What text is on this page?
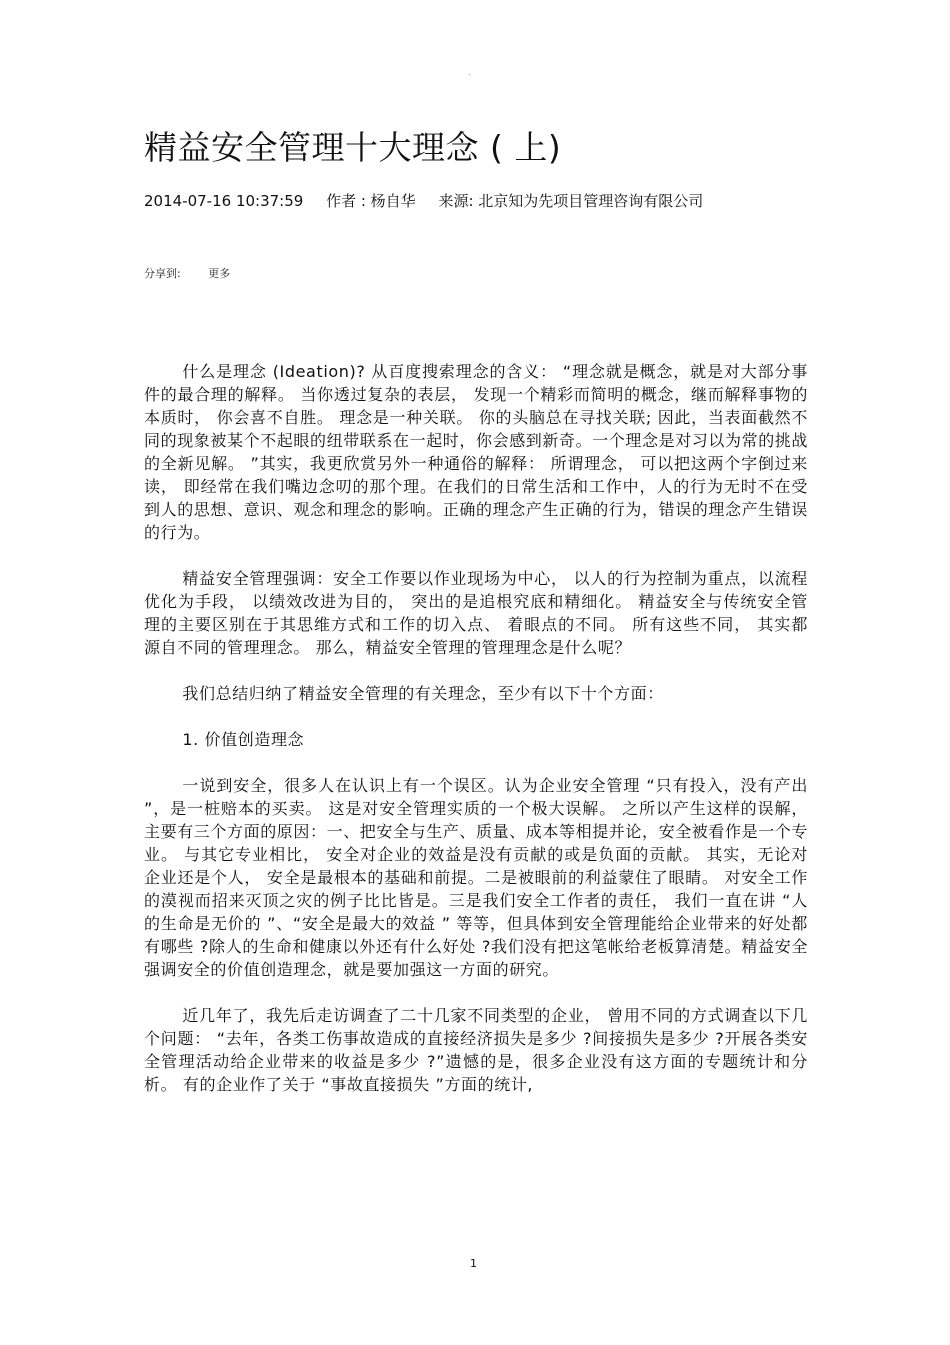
-
精益安全管理十大理念 ( 上)
2014-07-16 10:37:59 作者 : 杨自华 来源: 北京知为先项目管理咨询有限公司
分享到:	更多

什么是理念 (Ideation)? 从百度搜索理念的含义： “理念就是概念，就是对大部分事件的最合理的解释。 当你透过复杂的表层， 发现一个精彩而简明的概念，继而解释事物的本质时， 你会喜不自胜。 理念是一种关联。 你的头脑总在寻找关联; 因此，当表面截然不同的现象被某个不起眼的纽带联系在一起时，你会感到新奇。一个理念是对习以为常的挑战的全新见解。 ”其实，我更欣赏另外一种通俗的解释： 所谓理念， 可以把这两个字倒过来读， 即经常在我们嘴边念叨的那个理。在我们的日常生活和工作中，人的行为无时不在受到人的思想、意识、观念和理念的影响。正确的理念产生正确的行为，错误的理念产生错误的行为。

精益安全管理强调：安全工作要以作业现场为中心， 以人的行为控制为重点，以流程优化为手段， 以绩效改进为目的， 突出的是追根究底和精细化。 精益安全与传统安全管理的主要区别在于其思维方式和工作的切入点、 着眼点的不同。 所有这些不同， 其实都源自不同的管理理念。 那么，精益安全管理的管理理念是什么呢？

我们总结归纳了精益安全管理的有关理念，至少有以下十个方面：

1. 价值创造理念

一说到安全，很多人在认识上有一个误区。认为企业安全管理 “只有投入，没有产出 ”，是一桩赔本的买卖。 这是对安全管理实质的一个极大误解。 之所以产生这样的误解，主要有三个方面的原因：一、把安全与生产、质量、成本等相提并论，安全被看作是一个专业。 与其它专业相比， 安全对企业的效益是没有贡献的或是负面的贡献。 其实，无论对企业还是个人， 安全是最根本的基础和前提。二是被眼前的利益蒙住了眼睛。 对安全工作的漠视而招来灭顶之灾的例子比比皆是。三是我们安全工作者的责任， 我们一直在讲 “人的生命是无价的 ”、“安全是最大的效益 ” 等等，但具体到安全管理能给企业带来的好处都有哪些 ?除人的生命和健康以外还有什么好处 ?我们没有把这笔帐给老板算清楚。精益安全强调安全的价值创造理念，就是要加强这一方面的研究。

近几年了，我先后走访调查了二十几家不同类型的企业， 曾用不同的方式调查以下几个问题： “去年，各类工伤事故造成的直接经济损失是多少 ?间接损失是多少 ?开展各类安全管理活动给企业带来的收益是多少 ?”遗憾的是，很多企业没有这方面的专题统计和分析。 有的企业作了关于 “事故直接损失 ”方面的统计,

1
